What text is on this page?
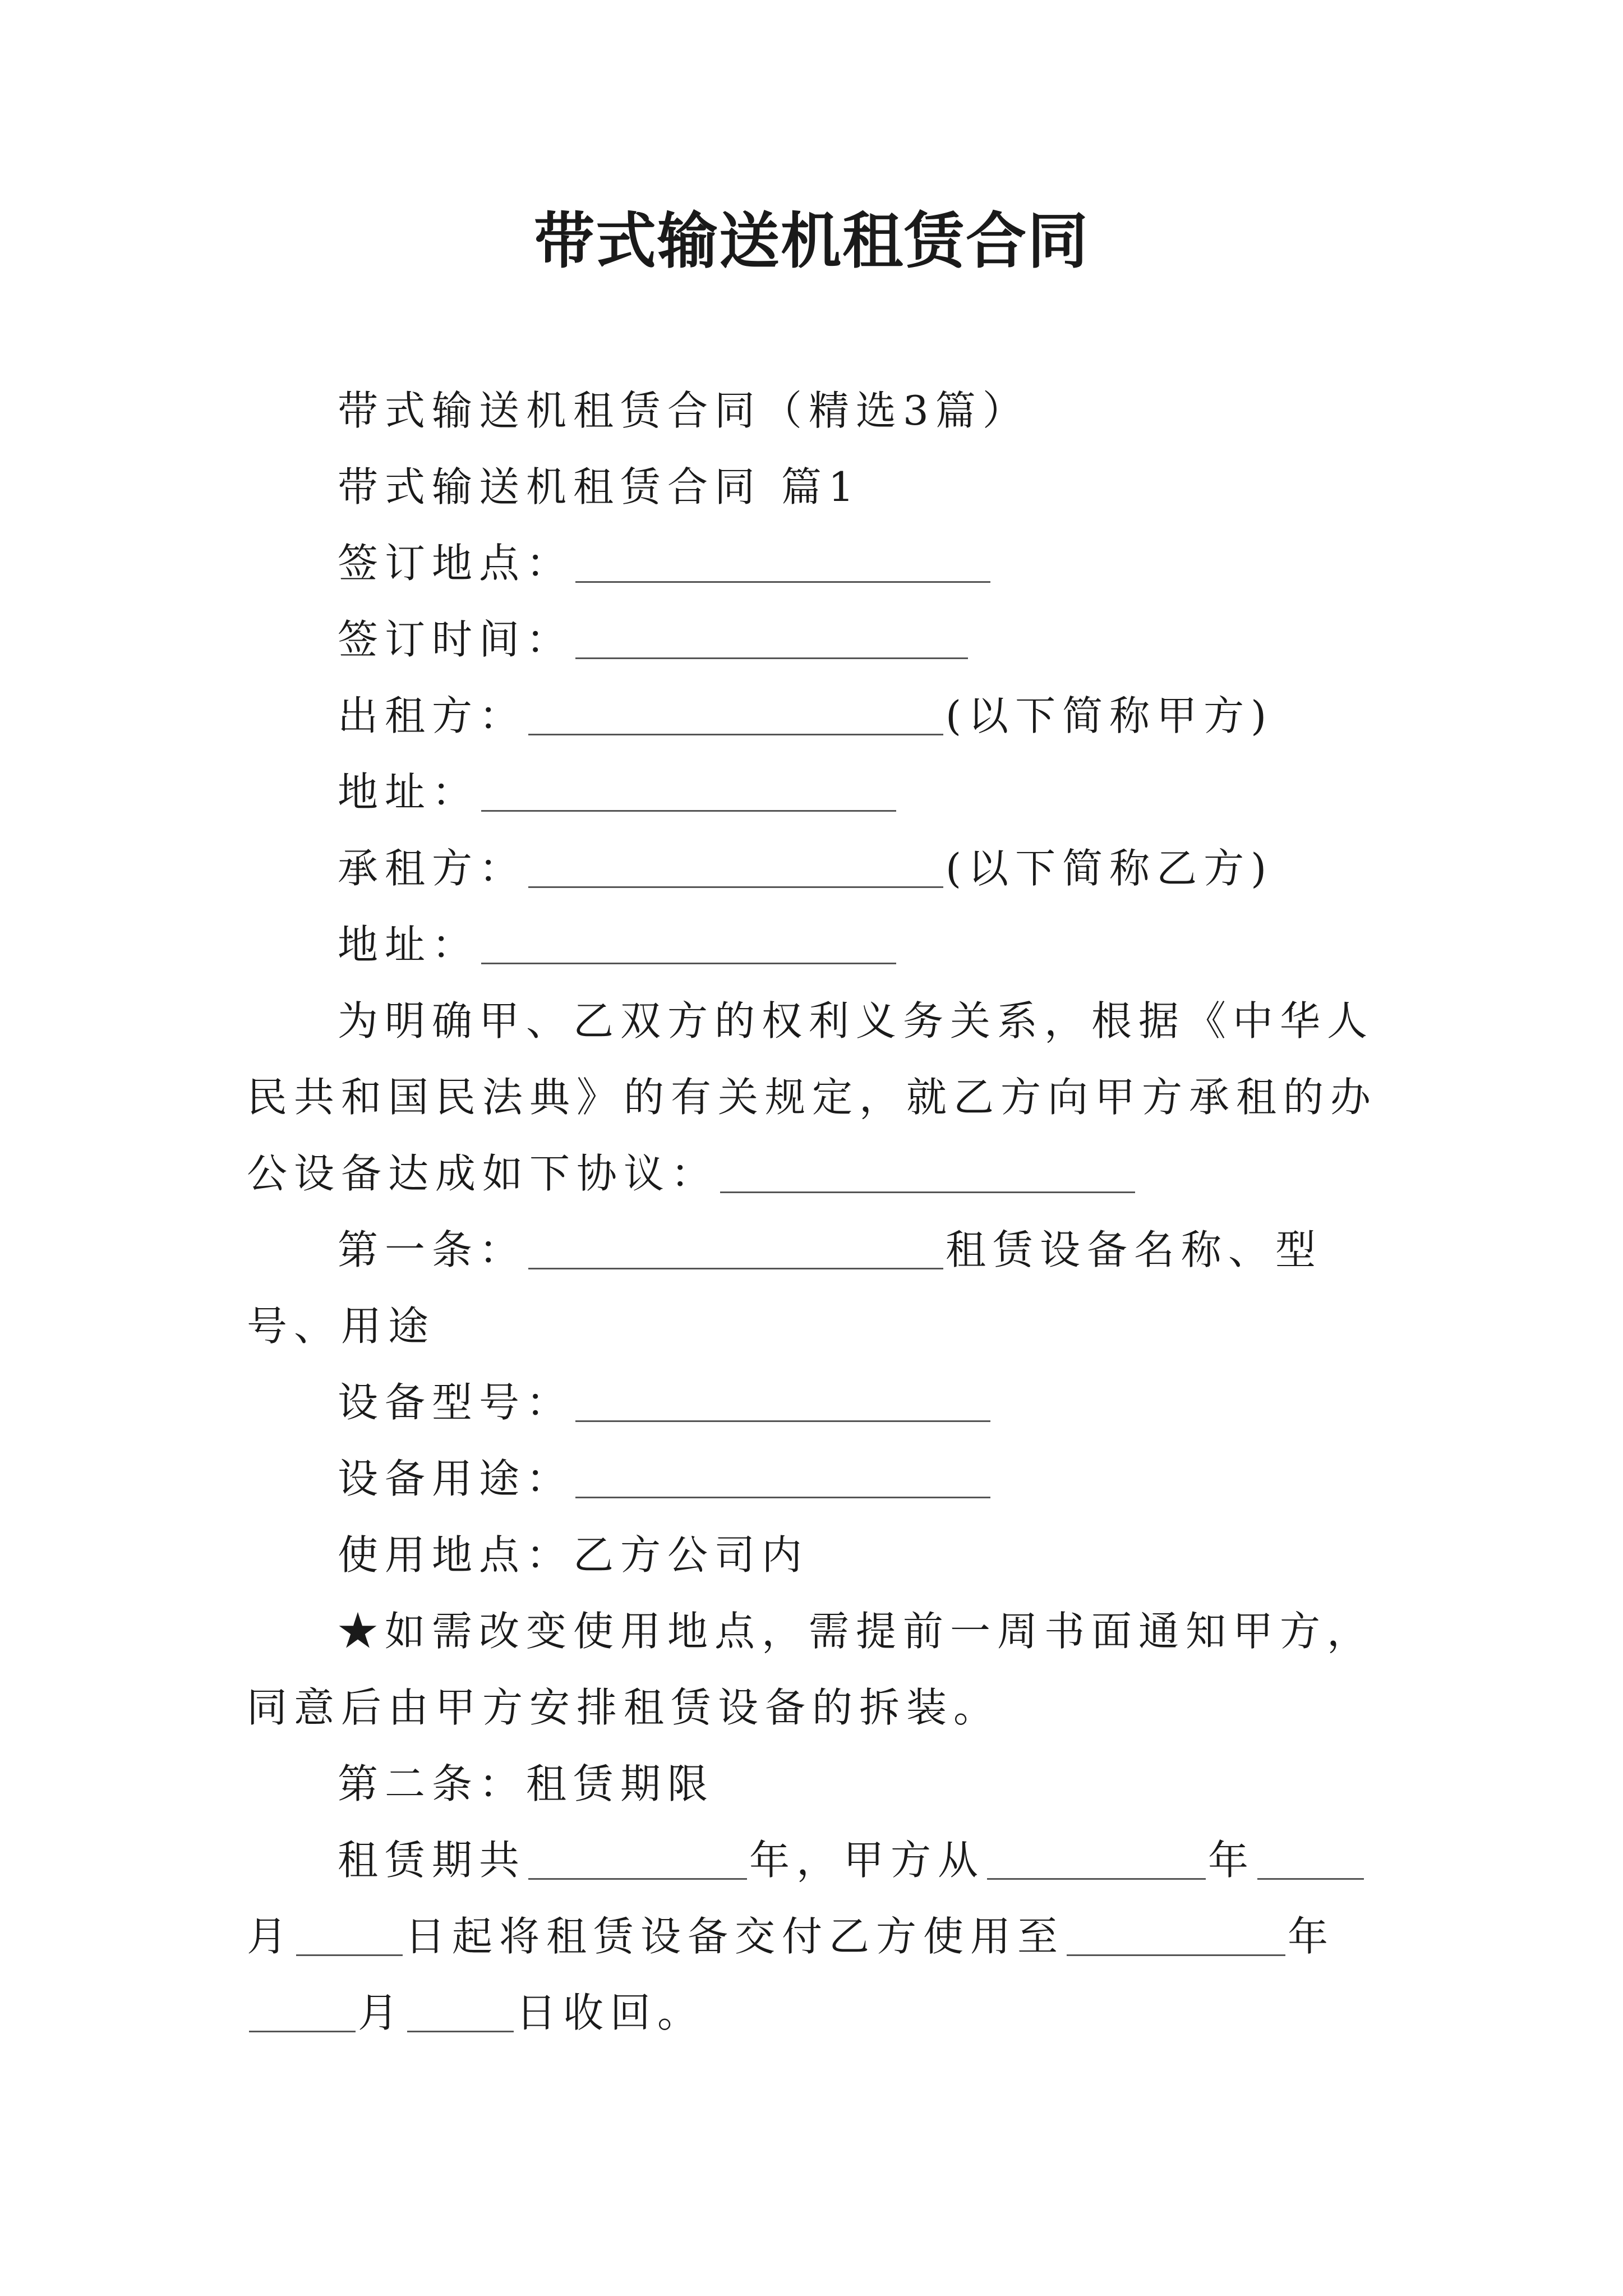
带式输送机租赁合同

带式输送机租赁合同（精选3篇）

带式输送机租赁合同 篇1

签订地点：

签订时间：

出租方：	(以下简称甲方)

地址：

承租方：	(以下简称乙方)

地址：

为明确甲、乙双方的权利义务关系，根据《中华人民共和国民法典》的有关规定，就乙方向甲方承租的办公设备达成如下协议：

第一条：	租赁设备名称、型号、用途

设备型号：

设备用途：

使用地点：乙方公司内

★如需改变使用地点，需提前一周书面通知甲方，同意后由甲方安排租赁设备的拆装。

第二条：租赁期限

租赁期共	年，甲方从	年月	日起将租赁设备交付乙方使用至	年月	日收回。
